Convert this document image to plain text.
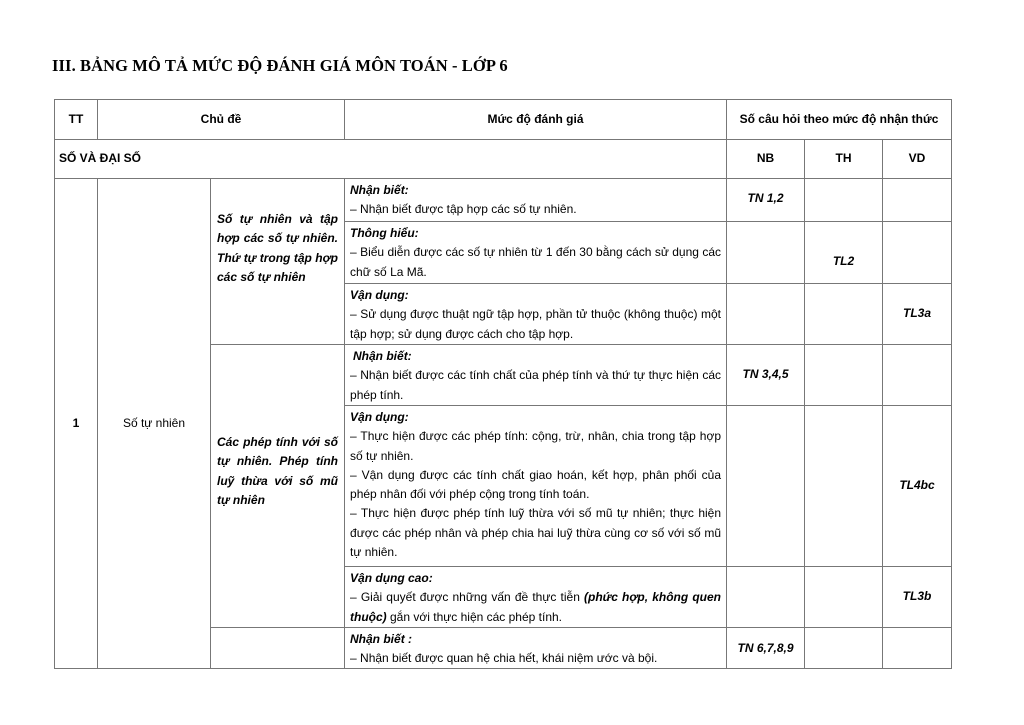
III. BẢNG MÔ TẢ MỨC ĐỘ ĐÁNH GIÁ MÔN TOÁN - LỚP 6
TT	Chủ đề		Mức độ đánh giá	Số câu hỏi theo mức độ nhận thức		
SỐ VÀ ĐẠI SỐ				NB	TH	VD
1	Số tự nhiên	Số tự nhiên và tập hợp các số tự nhiên. Thứ tự trong tập hợp các số tự nhiên	Nhận biết:
– Nhận biết được tập hợp các số tự nhiên.	TN 1,2		

			Thông hiểu:
– Biểu diễn được các số tự nhiên từ 1 đến 30 bằng cách sử dụng các chữ số La Mã.		TL2	

			Vận dụng:
– Sử dụng được thuật ngữ tập hợp, phần tử thuộc (không thuộc) một tập hợp; sử dụng được cách cho tập hợp.			TL3a

		Các phép tính với số tự nhiên. Phép tính luỹ thừa với số mũ tự nhiên	Nhận biết:
– Nhận biết được các tính chất của phép tính và thứ tự thực hiện các phép tính.	TN 3,4,5		

			Vận dụng:
– Thực hiện được các phép tính: cộng, trừ, nhân, chia trong tập hợp số tự nhiên.
– Vận dụng được các tính chất giao hoán, kết hợp, phân phối của phép nhân đối với phép cộng trong tính toán.
– Thực hiện được phép tính luỹ thừa với số mũ tự nhiên; thực hiện được các phép nhân và phép chia hai luỹ thừa cùng cơ số với số mũ tự nhiên.			TL4bc

			Vận dụng cao:
– Giải quyết được những vấn đề thực tiễn (phức hợp, không quen thuộc) gắn với thực hiện các phép tính.			TL3b

			Nhận biết :
– Nhận biết được quan hệ chia hết, khái niệm ước và bội.	TN 6,7,8,9		
